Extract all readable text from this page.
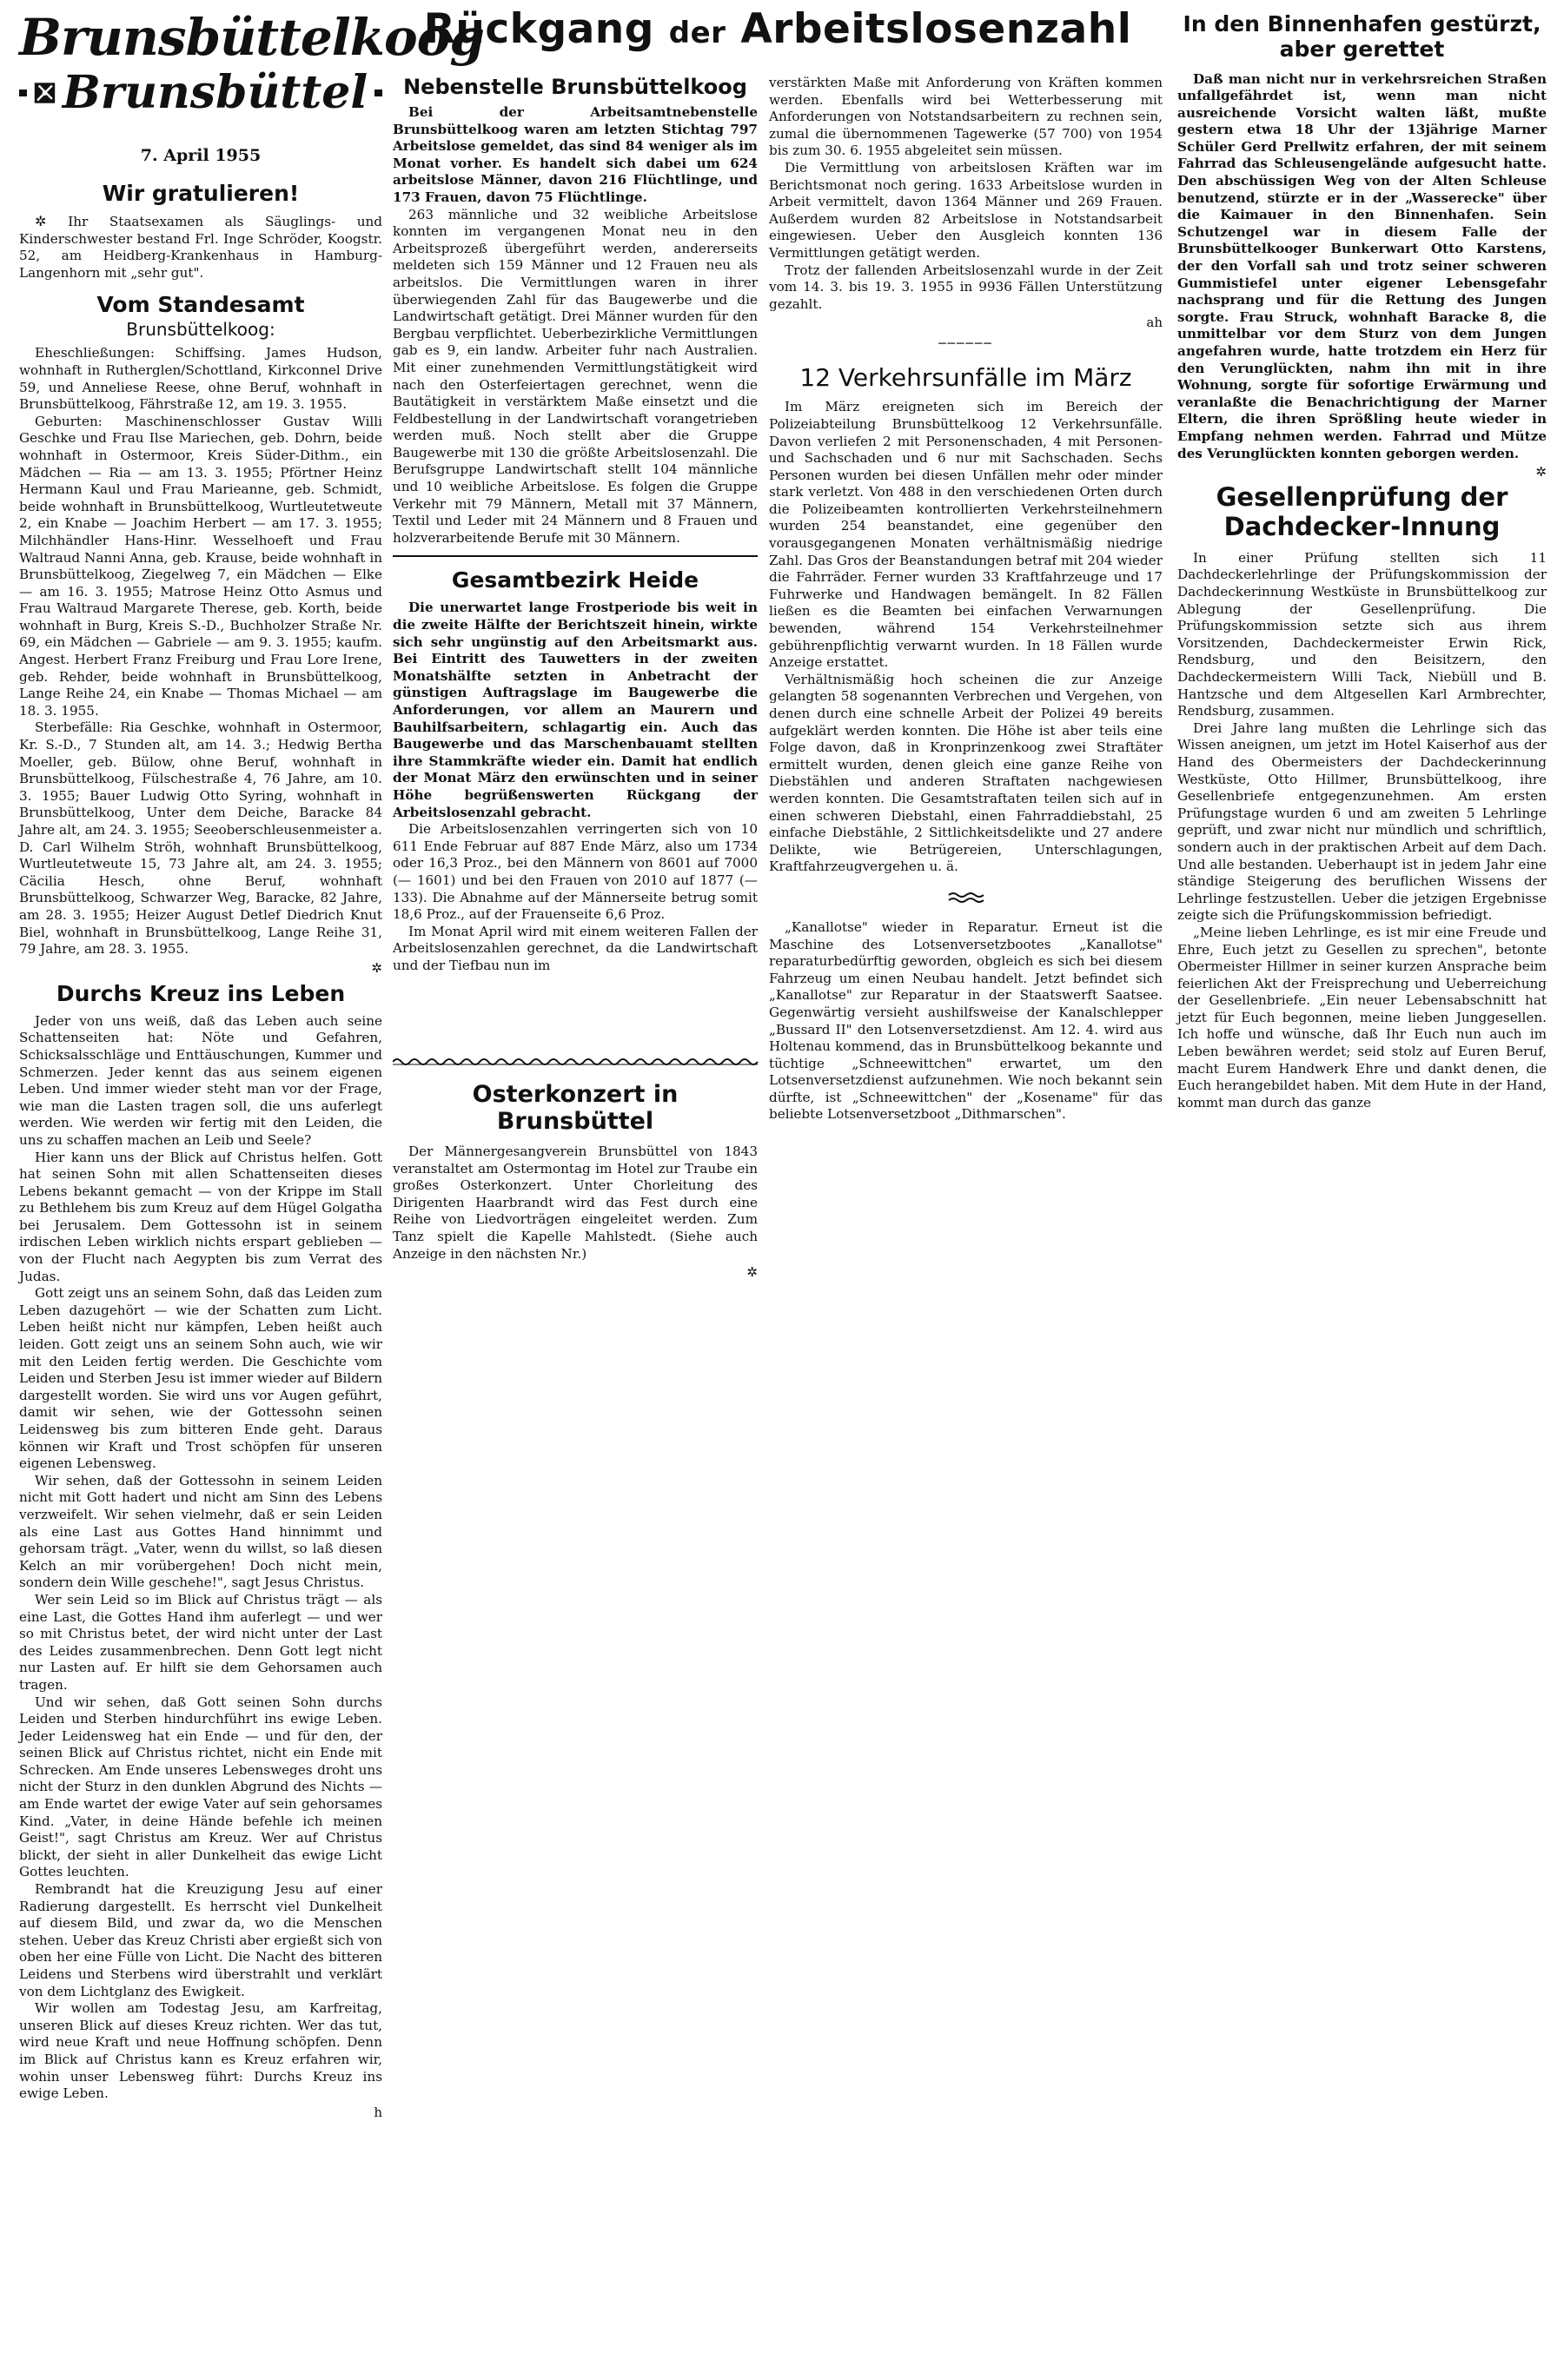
Brunsbüttelkoog
Brunsbüttel
7. April 1955
Wir gratulieren!

✲ Ihr Staatsexamen als Säuglings- und Kinderschwester bestand Frl. Inge Schröder, Koogstr. 52, am Heidberg-Krankenhaus in Hamburg-Langenhorn mit „sehr gut".

Vom Standesamt
Brunsbüttelkoog:

Eheschließungen: Schiffsing. James Hudson, wohnhaft in Rutherglen/Schottland, Kirkconnel Drive 59, und Anneliese Reese, ohne Beruf, wohnhaft in Brunsbüttelkoog, Fährstraße 12, am 19. 3. 1955.

Geburten: Maschinenschlosser Gustav Willi Geschke und Frau Ilse Mariechen, geb. Dohrn, beide wohnhaft in Ostermoor, Kreis Süder-Dithm., ein Mädchen — Ria — am 13. 3. 1955; Pförtner Heinz Hermann Kaul und Frau Marieanne, geb. Schmidt, beide wohnhaft in Brunsbüttelkoog, Wurtleutetweute 2, ein Knabe — Joachim Herbert — am 17. 3. 1955; Milchhändler Hans-Hinr. Wesselhoeft und Frau Waltraud Nanni Anna, geb. Krause, beide wohnhaft in Brunsbüttelkoog, Ziegelweg 7, ein Mädchen — Elke — am 16. 3. 1955; Matrose Heinz Otto Asmus und Frau Waltraud Margarete Therese, geb. Korth, beide wohnhaft in Burg, Kreis S.-D., Buchholzer Straße Nr. 69, ein Mädchen — Gabriele — am 9. 3. 1955; kaufm. Angest. Herbert Franz Freiburg und Frau Lore Irene, geb. Rehder, beide wohnhaft in Brunsbüttelkoog, Lange Reihe 24, ein Knabe — Thomas Michael — am 18. 3. 1955.

Sterbefälle: Ria Geschke, wohnhaft in Ostermoor, Kr. S.-D., 7 Stunden alt, am 14. 3.; Hedwig Bertha Moeller, geb. Bülow, ohne Beruf, wohnhaft in Brunsbüttelkoog, Fülschestraße 4, 76 Jahre, am 10. 3. 1955; Bauer Ludwig Otto Syring, wohnhaft in Brunsbüttelkoog, Unter dem Deiche, Baracke 84 Jahre alt, am 24. 3. 1955; Seeoberschleusenmeister a. D. Carl Wilhelm Ströh, wohnhaft Brunsbüttelkoog, Wurtleutetweute 15, 73 Jahre alt, am 24. 3. 1955; Cäcilia Hesch, ohne Beruf, wohnhaft Brunsbüttelkoog, Schwarzer Weg, Baracke, 82 Jahre, am 28. 3. 1955; Heizer August Detlef Diedrich Knut Biel, wohnhaft in Brunsbüttelkoog, Lange Reihe 31, 79 Jahre, am 28. 3. 1955.

✲
Durchs Kreuz ins Leben

Jeder von uns weiß, daß das Leben auch seine Schattenseiten hat: Nöte und Gefahren, Schicksalsschläge und Enttäuschungen, Kummer und Schmerzen. Jeder kennt das aus seinem eigenen Leben. Und immer wieder steht man vor der Frage, wie man die Lasten tragen soll, die uns auferlegt werden. Wie werden wir fertig mit den Leiden, die uns zu schaffen machen an Leib und Seele?

Hier kann uns der Blick auf Christus helfen. Gott hat seinen Sohn mit allen Schattenseiten dieses Lebens bekannt gemacht — von der Krippe im Stall zu Bethlehem bis zum Kreuz auf dem Hügel Golgatha bei Jerusalem. Dem Gottessohn ist in seinem irdischen Leben wirklich nichts erspart geblieben — von der Flucht nach Aegypten bis zum Verrat des Judas.

Gott zeigt uns an seinem Sohn, daß das Leiden zum Leben dazugehört — wie der Schatten zum Licht. Leben heißt nicht nur kämpfen, Leben heißt auch leiden. Gott zeigt uns an seinem Sohn auch, wie wir mit den Leiden fertig werden. Die Geschichte vom Leiden und Sterben Jesu ist immer wieder auf Bildern dargestellt worden. Sie wird uns vor Augen geführt, damit wir sehen, wie der Gottessohn seinen Leidensweg bis zum bitteren Ende geht. Daraus können wir Kraft und Trost schöpfen für unseren eigenen Lebensweg.

Wir sehen, daß der Gottessohn in seinem Leiden nicht mit Gott hadert und nicht am Sinn des Lebens verzweifelt. Wir sehen vielmehr, daß er sein Leiden als eine Last aus Gottes Hand hinnimmt und gehorsam trägt. „Vater, wenn du willst, so laß diesen Kelch an mir vorübergehen! Doch nicht mein, sondern dein Wille geschehe!", sagt Jesus Christus.

Wer sein Leid so im Blick auf Christus trägt — als eine Last, die Gottes Hand ihm auferlegt — und wer so mit Christus betet, der wird nicht unter der Last des Leides zusammenbrechen. Denn Gott legt nicht nur Lasten auf. Er hilft sie dem Gehorsamen auch tragen.

Und wir sehen, daß Gott seinen Sohn durchs Leiden und Sterben hindurchführt ins ewige Leben. Jeder Leidensweg hat ein Ende — und für den, der seinen Blick auf Christus richtet, nicht ein Ende mit Schrecken. Am Ende unseres Lebensweges droht uns nicht der Sturz in den dunklen Abgrund des Nichts — am Ende wartet der ewige Vater auf sein gehorsames Kind. „Vater, in deine Hände befehle ich meinen Geist!", sagt Christus am Kreuz. Wer auf Christus blickt, der sieht in aller Dunkelheit das ewige Licht Gottes leuchten.

Rembrandt hat die Kreuzigung Jesu auf einer Radierung dargestellt. Es herrscht viel Dunkelheit auf diesem Bild, und zwar da, wo die Menschen stehen. Ueber das Kreuz Christi aber ergießt sich von oben her eine Fülle von Licht. Die Nacht des bitteren Leidens und Sterbens wird überstrahlt und verklärt von dem Lichtglanz des Ewigkeit.

Wir wollen am Todestag Jesu, am Karfreitag, unseren Blick auf dieses Kreuz richten. Wer das tut, wird neue Kraft und neue Hoffnung schöpfen. Denn im Blick auf Christus kann es Kreuz erfahren wir, wohin unser Lebensweg führt: Durchs Kreuz ins ewige Leben.

h
Rückgang der Arbeitslosenzahl
Nebenstelle Brunsbüttelkoog

Bei der Arbeitsamtnebenstelle Brunsbüttelkoog waren am letzten Stichtag 797 Arbeitslose gemeldet, das sind 84 weniger als im Monat vorher. Es handelt sich dabei um 624 arbeitslose Männer, davon 216 Flüchtlinge, und 173 Frauen, davon 75 Flüchtlinge.

263 männliche und 32 weibliche Arbeitslose konnten im vergangenen Monat neu in den Arbeitsprozeß übergeführt werden, andererseits meldeten sich 159 Männer und 12 Frauen neu als arbeitslos. Die Vermittlungen waren in ihrer überwiegenden Zahl für das Baugewerbe und die Landwirtschaft getätigt. Drei Männer wurden für den Bergbau verpflichtet. Ueberbezirkliche Vermittlungen gab es 9, ein landw. Arbeiter fuhr nach Australien. Mit einer zunehmenden Vermittlungstätigkeit wird nach den Osterfeiertagen gerechnet, wenn die Bautätigkeit in verstärktem Maße einsetzt und die Feldbestellung in der Landwirtschaft vorangetrieben werden muß. Noch stellt aber die Gruppe Baugewerbe mit 130 die größte Arbeitslosenzahl. Die Berufsgruppe Landwirtschaft stellt 104 männliche und 10 weibliche Arbeitslose. Es folgen die Gruppe Verkehr mit 79 Männern, Metall mit 37 Männern, Textil und Leder mit 24 Männern und 8 Frauen und holzverarbeitende Berufe mit 30 Männern.

Gesamtbezirk Heide

Die unerwartet lange Frostperiode bis weit in die zweite Hälfte der Berichtszeit hinein, wirkte sich sehr ungünstig auf den Arbeitsmarkt aus. Bei Eintritt des Tauwetters in der zweiten Monatshälfte setzten in Anbetracht der günstigen Auftragslage im Baugewerbe die Anforderungen, vor allem an Maurern und Bauhilfsarbeitern, schlagartig ein. Auch das Baugewerbe und das Marschenbauamt stellten ihre Stammkräfte wieder ein. Damit hat endlich der Monat März den erwünschten und in seiner Höhe begrüßenswerten Rückgang der Arbeitslosenzahl gebracht.

Die Arbeitslosenzahlen verringerten sich von 10 611 Ende Februar auf 887 Ende März, also um 1734 oder 16,3 Proz., bei den Männern von 8601 auf 7000 (— 1601) und bei den Frauen von 2010 auf 1877 (— 133). Die Abnahme auf der Männerseite betrug somit 18,6 Proz., auf der Frauenseite 6,6 Proz.

Im Monat April wird mit einem weiteren Fallen der Arbeitslosenzahlen gerechnet, da die Landwirtschaft und der Tiefbau nun im

Osterkonzert in Brunsbüttel

Der Männergesangverein Brunsbüttel von 1843 veranstaltet am Ostermontag im Hotel zur Traube ein großes Osterkonzert. Unter Chorleitung des Dirigenten Haarbrandt wird das Fest durch eine Reihe von Liedvorträgen eingeleitet werden. Zum Tanz spielt die Kapelle Mahlstedt. (Siehe auch Anzeige in den nächsten Nr.)

✲

verstärkten Maße mit Anforderung von Kräften kommen werden. Ebenfalls wird bei Wetterbesserung mit Anforderungen von Notstandsarbeitern zu rechnen sein, zumal die übernommenen Tagewerke (57 700) von 1954 bis zum 30. 6. 1955 abgeleitet sein müssen.

Die Vermittlung von arbeitslosen Kräften war im Berichtsmonat noch gering. 1633 Arbeitslose wurden in Arbeit vermittelt, davon 1364 Männer und 269 Frauen. Außerdem wurden 82 Arbeitslose in Notstandsarbeit eingewiesen. Ueber den Ausgleich konnten 136 Vermittlungen getätigt werden.

Trotz der fallenden Arbeitslosenzahl wurde in der Zeit vom 14. 3. bis 19. 3. 1955 in 9936 Fällen Unterstützung gezahlt.

ah
──────
12 Verkehrsunfälle im März

Im März ereigneten sich im Bereich der Polizeiabteilung Brunsbüttelkoog 12 Verkehrsunfälle. Davon verliefen 2 mit Personenschaden, 4 mit Personen- und Sachschaden und 6 nur mit Sachschaden. Sechs Personen wurden bei diesen Unfällen mehr oder minder stark verletzt. Von 488 in den verschiedenen Orten durch die Polizeibeamten kontrollierten Verkehrsteilnehmern wurden 254 beanstandet, eine gegenüber den vorausgegangenen Monaten verhältnismäßig niedrige Zahl. Das Gros der Beanstandungen betraf mit 204 wieder die Fahrräder. Ferner wurden 33 Kraftfahrzeuge und 17 Fuhrwerke und Handwagen bemängelt. In 82 Fällen ließen es die Beamten bei einfachen Verwarnungen bewenden, während 154 Verkehrsteilnehmer gebührenpflichtig verwarnt wurden. In 18 Fällen wurde Anzeige erstattet.

Verhältnismäßig hoch scheinen die zur Anzeige gelangten 58 sogenannten Verbrechen und Vergehen, von denen durch eine schnelle Arbeit der Polizei 49 bereits aufgeklärt werden konnten. Die Höhe ist aber teils eine Folge davon, daß in Kronprinzenkoog zwei Straftäter ermittelt wurden, denen gleich eine ganze Reihe von Diebstählen und anderen Straftaten nachgewiesen werden konnten. Die Gesamtstraftaten teilen sich auf in einen schweren Diebstahl, einen Fahrraddiebstahl, 25 einfache Diebstähle, 2 Sittlichkeitsdelikte und 27 andere Delikte, wie Betrügereien, Unterschlagungen, Kraftfahrzeugvergehen u. ä.

„Kanallotse" wieder in Reparatur. Erneut ist die Maschine des Lotsenversetzbootes „Kanallotse" reparaturbedürftig geworden, obgleich es sich bei diesem Fahrzeug um einen Neubau handelt. Jetzt befindet sich „Kanallotse" zur Reparatur in der Staatswerft Saatsee. Gegenwärtig versieht aushilfsweise der Kanalschlepper „Bussard II" den Lotsenversetzdienst. Am 12. 4. wird aus Holtenau kommend, das in Brunsbüttelkoog bekannte und tüchtige „Schneewittchen" erwartet, um den Lotsenversetzdienst aufzunehmen. Wie noch bekannt sein dürfte, ist „Schneewittchen" der „Kosename" für das beliebte Lotsenversetzboot „Dithmarschen".

In den Binnenhafen gestürzt, aber gerettet

Daß man nicht nur in verkehrsreichen Straßen unfallgefährdet ist, wenn man nicht ausreichende Vorsicht walten läßt, mußte gestern etwa 18 Uhr der 13jährige Marner Schüler Gerd Prellwitz erfahren, der mit seinem Fahrrad das Schleusengelände aufgesucht hatte. Den abschüssigen Weg von der Alten Schleuse benutzend, stürzte er in der „Wasserecke" über die Kaimauer in den Binnenhafen. Sein Schutzengel war in diesem Falle der Brunsbüttelkooger Bunkerwart Otto Karstens, der den Vorfall sah und trotz seiner schweren Gummistiefel unter eigener Lebensgefahr nachsprang und für die Rettung des Jungen sorgte. Frau Struck, wohnhaft Baracke 8, die unmittelbar vor dem Sturz von dem Jungen angefahren wurde, hatte trotzdem ein Herz für den Verunglückten, nahm ihn mit in ihre Wohnung, sorgte für sofortige Erwärmung und veranlaßte die Benachrichtigung der Marner Eltern, die ihren Sprößling heute wieder in Empfang nehmen werden. Fahrrad und Mütze des Verunglückten konnten geborgen werden.

✲
Gesellenprüfung der Dachdecker-Innung

In einer Prüfung stellten sich 11 Dachdeckerlehrlinge der Prüfungskommission der Dachdeckerinnung Westküste in Brunsbüttelkoog zur Ablegung der Gesellenprüfung. Die Prüfungskommission setzte sich aus ihrem Vorsitzenden, Dachdeckermeister Erwin Rick, Rendsburg, und den Beisitzern, den Dachdeckermeistern Willi Tack, Niebüll und B. Hantzsche und dem Altgesellen Karl Armbrechter, Rendsburg, zusammen.

Drei Jahre lang mußten die Lehrlinge sich das Wissen aneignen, um jetzt im Hotel Kaiserhof aus der Hand des Obermeisters der Dachdeckerinnung Westküste, Otto Hillmer, Brunsbüttelkoog, ihre Gesellenbriefe entgegenzunehmen. Am ersten Prüfungstage wurden 6 und am zweiten 5 Lehrlinge geprüft, und zwar nicht nur mündlich und schriftlich, sondern auch in der praktischen Arbeit auf dem Dach. Und alle bestanden. Ueberhaupt ist in jedem Jahr eine ständige Steigerung des beruflichen Wissens der Lehrlinge festzustellen. Ueber die jetzigen Ergebnisse zeigte sich die Prüfungskommission befriedigt.

„Meine lieben Lehrlinge, es ist mir eine Freude und Ehre, Euch jetzt zu Gesellen zu sprechen", betonte Obermeister Hillmer in seiner kurzen Ansprache beim feierlichen Akt der Freisprechung und Ueberreichung der Gesellenbriefe. „Ein neuer Lebensabschnitt hat jetzt für Euch begonnen, meine lieben Junggesellen. Ich hoffe und wünsche, daß Ihr Euch nun auch im Leben bewähren werdet; seid stolz auf Euren Beruf, macht Eurem Handwerk Ehre und dankt denen, die Euch herangebildet haben. Mit dem Hute in der Hand, kommt man durch das ganze
